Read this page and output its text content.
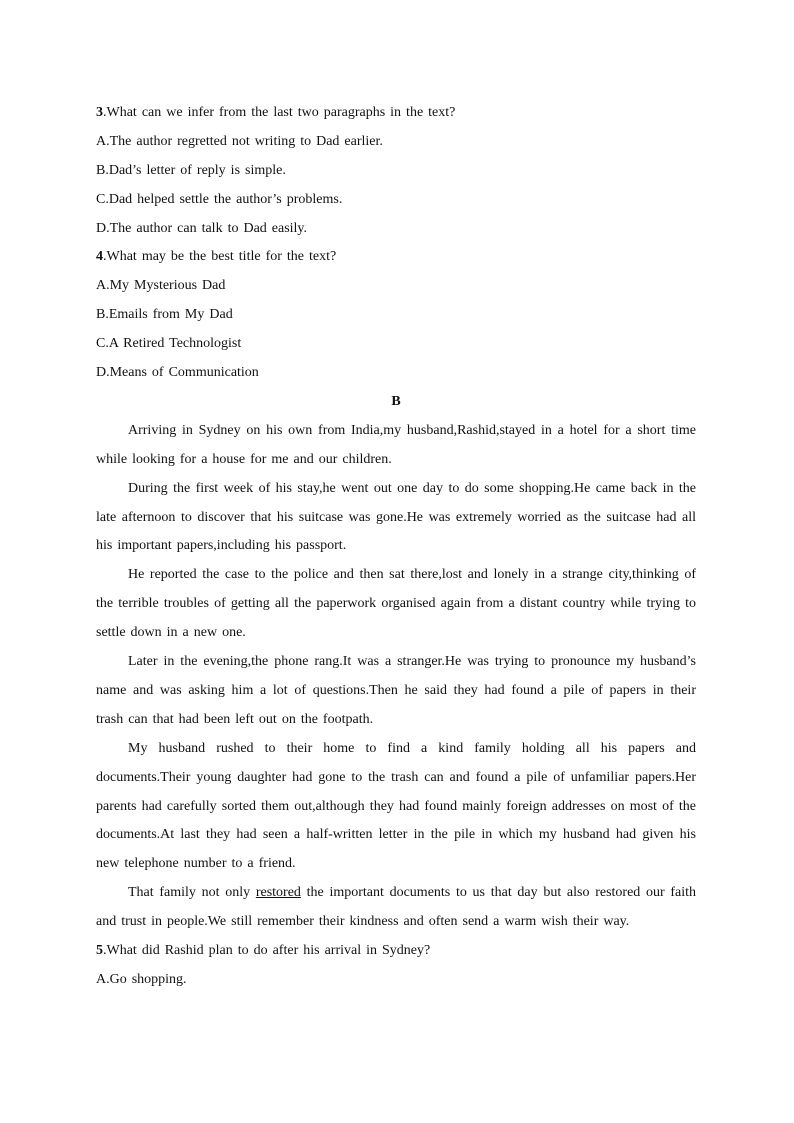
3.What can we infer from the last two paragraphs in the text?
A.The author regretted not writing to Dad earlier.
B.Dad’s letter of reply is simple.
C.Dad helped settle the author’s problems.
D.The author can talk to Dad easily.
4.What may be the best title for the text?
A.My Mysterious Dad
B.Emails from My Dad
C.A Retired Technologist
D.Means of Communication
B
Arriving in Sydney on his own from India,my husband,Rashid,stayed in a hotel for a short time while looking for a house for me and our children.
During the first week of his stay,he went out one day to do some shopping.He came back in the late afternoon to discover that his suitcase was gone.He was extremely worried as the suitcase had all his important papers,including his passport.
He reported the case to the police and then sat there,lost and lonely in a strange city,thinking of the terrible troubles of getting all the paperwork organised again from a distant country while trying to settle down in a new one.
Later in the evening,the phone rang.It was a stranger.He was trying to pronounce my husband’s name and was asking him a lot of questions.Then he said they had found a pile of papers in their trash can that had been left out on the footpath.
My husband rushed to their home to find a kind family holding all his papers and documents.Their young daughter had gone to the trash can and found a pile of unfamiliar papers.Her parents had carefully sorted them out,although they had found mainly foreign addresses on most of the documents.At last they had seen a half-written letter in the pile in which my husband had given his new telephone number to a friend.
That family not only restored the important documents to us that day but also restored our faith and trust in people.We still remember their kindness and often send a warm wish their way.
5.What did Rashid plan to do after his arrival in Sydney?
A.Go shopping.
